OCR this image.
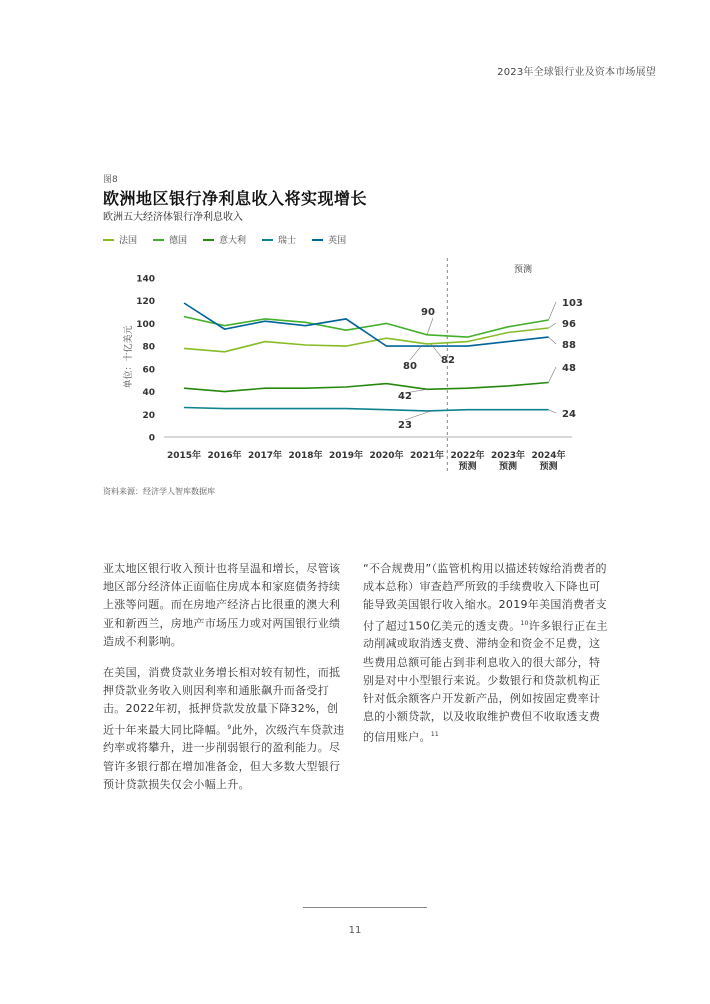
2023年全球银行业及资本市场展望
图8
欧洲地区银行净利息收入将实现增长
欧洲五大经济体银行净利息收入
法国	德国	意大利	瑞士	英国
0
20
40
60
80
100
120
140
单位：十亿美元
2015年 2016年 2017年 2018年 2019年 2020年 2021年 2022年
预测
2023年
预测
2024年
预测
预测
90
82
80
42
23
103
96
88
48
24
资料来源：经济学人智库数据库

亚太地区银行收入预计也将呈温和增长，尽管该地区部分经济体正面临住房成本和家庭债务持续上涨等问题。而在房地产经济占比很重的澳大利亚和新西兰，房地产市场压力或对两国银行业绩造成不利影响。

在美国，消费贷款业务增长相对较有韧性，而抵押贷款业务收入则因利率和通胀飙升而备受打击。2022年初，抵押贷款发放量下降32%，创近十年来最大同比降幅。$^9$此外，次级汽车贷款违约率或将攀升，进一步削弱银行的盈利能力。尽管许多银行都在增加准备金，但大多数大型银行预计贷款损失仅会小幅上升。

“不合规费用”（监管机构用以描述转嫁给消费者的成本总称）审查趋严所致的手续费收入下降也可能导致美国银行收入缩水。2019年美国消费者支付了超过150亿美元的透支费。$^{10}$许多银行正在主动削减或取消透支费、滞纳金和资金不足费，这些费用总额可能占到非利息收入的很大部分，特别是对中小型银行来说。少数银行和贷款机构正针对低余额客户开发新产品，例如按固定费率计息的小额贷款，以及收取维护费但不收取透支费的信用账户。$^{11}$

11
